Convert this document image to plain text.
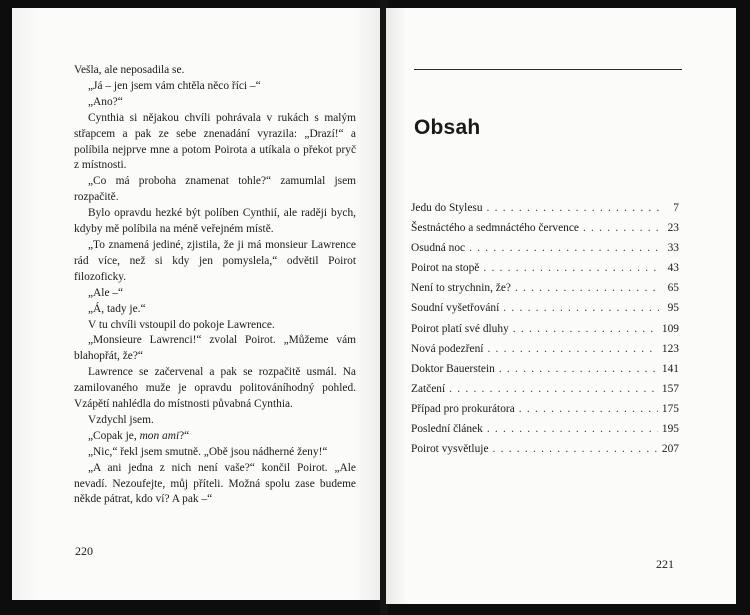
Vešla, ale neposadila se.

„Já – jen jsem vám chtěla něco říci –“

„Ano?“

Cynthia si nějakou chvíli pohrávala v rukách s malým střapcem a pak ze sebe znenadání vyrazila: „Drazí!“ a políbila nejprve mne a potom Poirota a utíkala o překot pryč z místnosti.

„Co má proboha znamenat tohle?“ zamumlal jsem rozpačitě.

Bylo opravdu hezké být políben Cynthií, ale raději bych, kdyby mě políbila na méně veřejném místě.

„To znamená jediné, zjistila, že ji má monsieur Lawrence rád více, než si kdy jen pomyslela,“ odvětil Poirot filozoficky.

„Ale –“

„Á, tady je.“

V tu chvíli vstoupil do pokoje Lawrence.

„Monsieure Lawrenci!“ zvolal Poirot. „Můžeme vám blahopřát, že?“

Lawrence se začervenal a pak se rozpačitě usmál. Na zamilovaného muže je opravdu politováníhodný pohled. Vzápětí nahlédla do místnosti půvabná Cynthia.

Vzdychl jsem.

„Copak je, mon ami?“

„Nic,“ řekl jsem smutně. „Obě jsou nádherné ženy!“

„A ani jedna z nich není vaše?“ končil Poirot. „Ale nevadí. Nezoufejte, můj příteli. Možná spolu zase budeme někde pátrat, kdo ví? A pak –“

220
Obsah
Jedu do Stylesu . . .	7
Šestnáctého a sedmnáctého července . . .	23
Osudná noc . . .	33
Poirot na stopě . . .	43
Není to strychnin, že? . . .	65
Soudní vyšetřování . . .	95
Poirot platí své dluhy . . .	109
Nová podezření . . .	123
Doktor Bauerstein . . .	141
Zatčení . . .	157
Případ pro prokurátora . . .	175
Poslední článek . . .	195
Poirot vysvětluje . . .	207
221
